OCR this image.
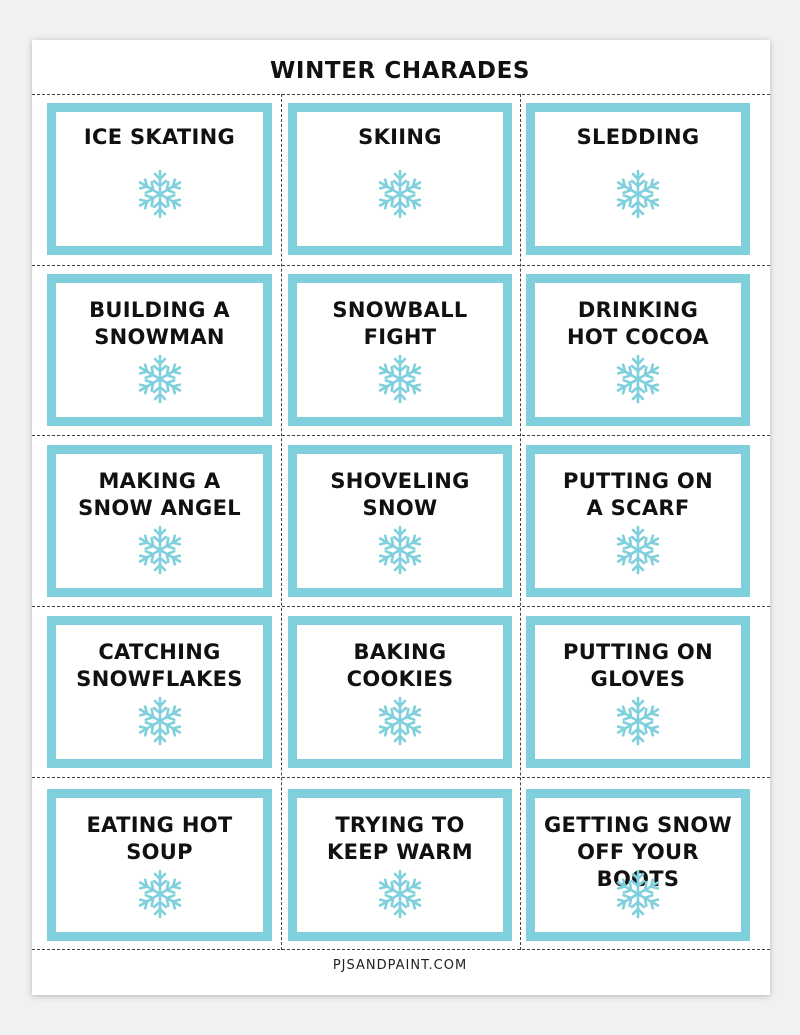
WINTER CHARADES
ICE SKATING	SKIING	SLEDDING
BUILDING A
SNOWMAN
SNOWBALL
FIGHT
DRINKING
HOT COCOA
MAKING A
SNOW ANGEL
SHOVELING
SNOW
PUTTING ON
A SCARF
CATCHING
SNOWFLAKES
BAKING
COOKIES
PUTTING ON
GLOVES
EATING HOT
SOUP
TRYING TO
KEEP WARM
GETTING SNOW
OFF YOUR BOOTS
PJSANDPAINT.COM
